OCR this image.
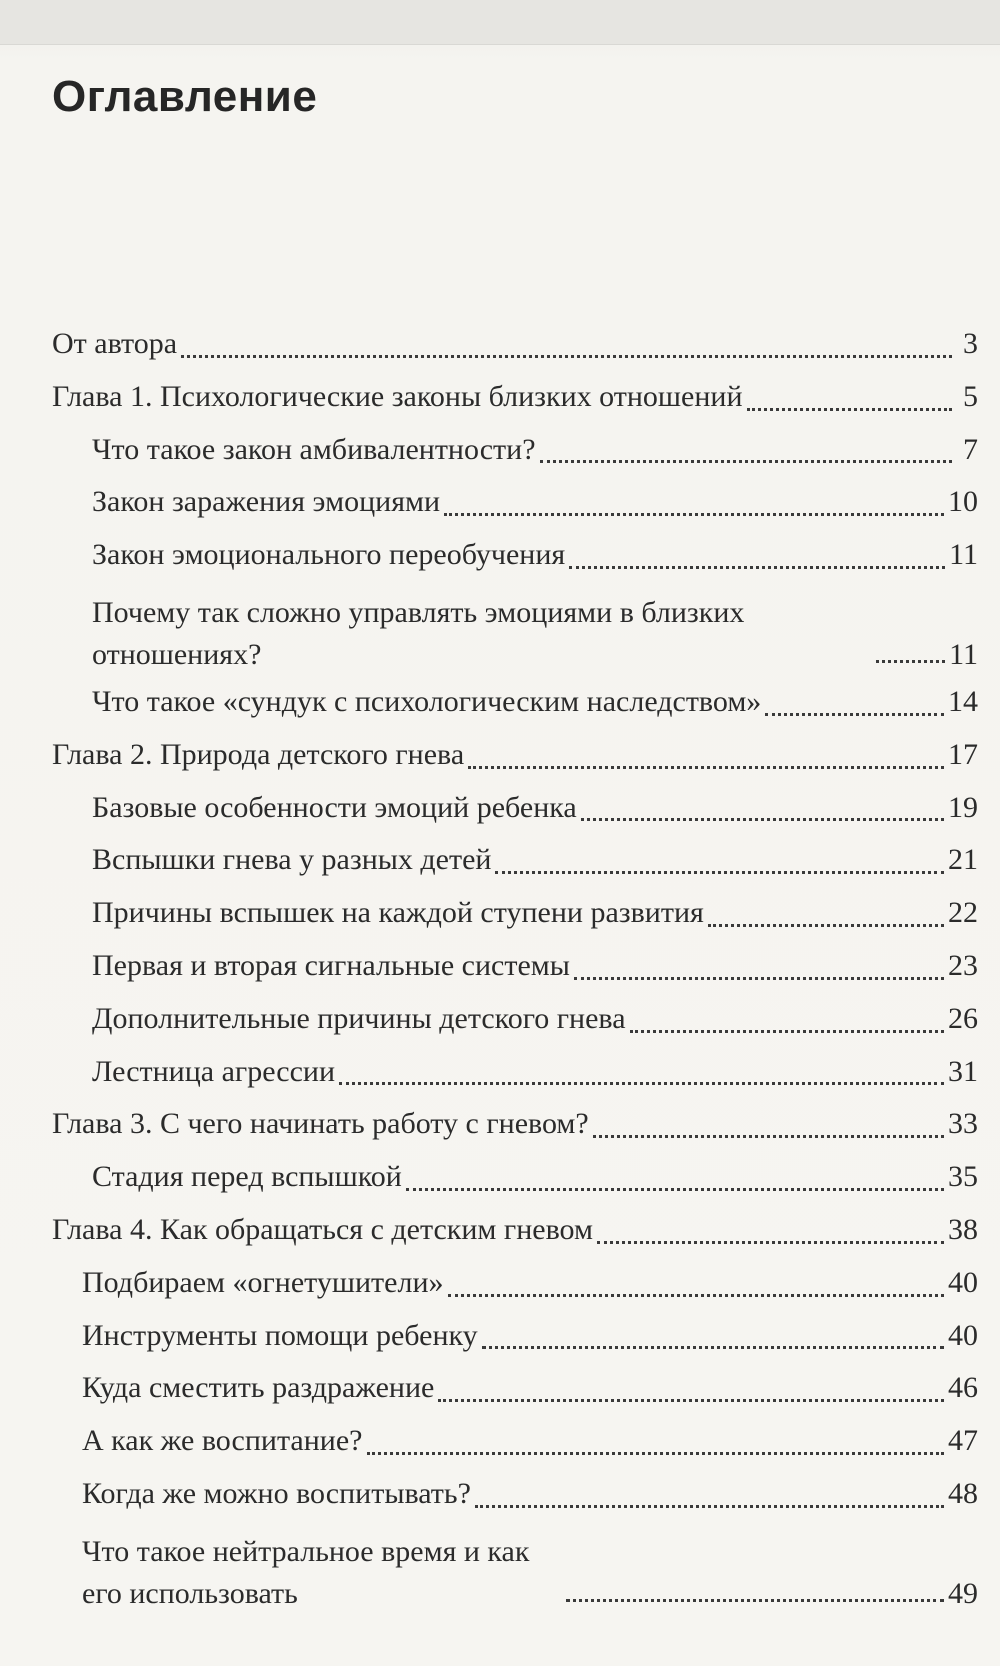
Оглавление
От автора	3
Глава 1. Психологические законы близких отношений	5
Что такое закон амбивалентности?	7
Закон заражения эмоциями	10
Закон эмоционального переобучения	11
Почему так сложно управлять эмоциями в близких отношениях?	11
Что такое «сундук с психологическим наследством»	14
Глава 2. Природа детского гнева	17
Базовые особенности эмоций ребенка	19
Вспышки гнева у разных детей	21
Причины вспышек на каждой ступени развития	22
Первая и вторая сигнальные системы	23
Дополнительные причины детского гнева	26
Лестница агрессии	31
Глава 3. С чего начинать работу с гневом?	33
Стадия перед вспышкой	35
Глава 4. Как обращаться с детским гневом	38
Подбираем «огнетушители»	40
Инструменты помощи ребенку	40
Куда сместить раздражение	46
А как же воспитание?	47
Когда же можно воспитывать?	48
Что такое нейтральное время и как его использовать	49
